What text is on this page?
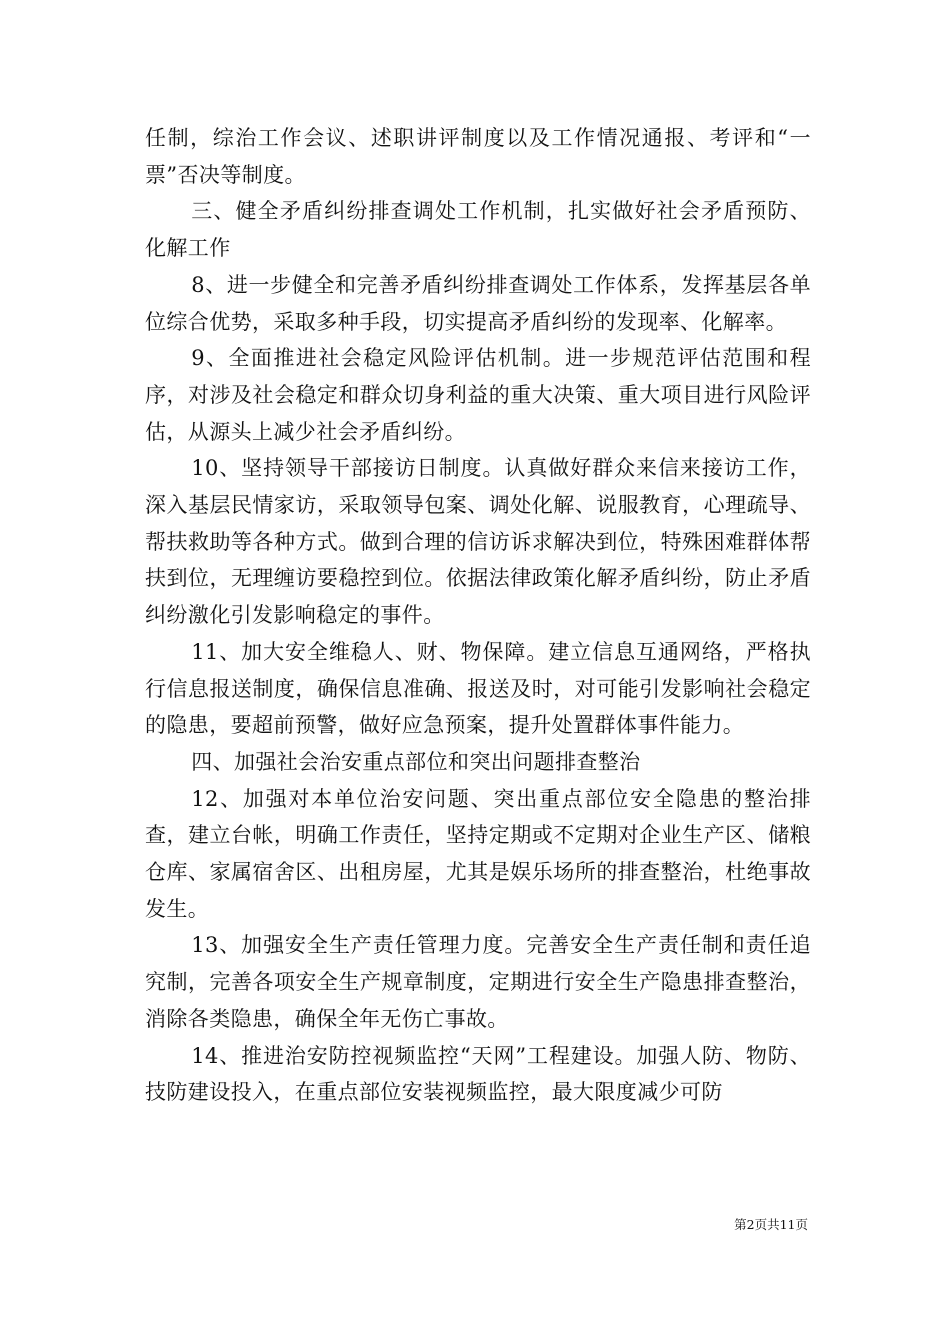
任制，综治工作会议、述职讲评制度以及工作情况通报、考评和“一票”否决等制度。

三、健全矛盾纠纷排查调处工作机制，扎实做好社会矛盾预防、化解工作

8、进一步健全和完善矛盾纠纷排查调处工作体系，发挥基层各单位综合优势，采取多种手段，切实提高矛盾纠纷的发现率、化解率。

9、全面推进社会稳定风险评估机制。进一步规范评估范围和程序，对涉及社会稳定和群众切身利益的重大决策、重大项目进行风险评估，从源头上减少社会矛盾纠纷。

10、坚持领导干部接访日制度。认真做好群众来信来接访工作，深入基层民情家访，采取领导包案、调处化解、说服教育，心理疏导、帮扶救助等各种方式。做到合理的信访诉求解决到位，特殊困难群体帮扶到位，无理缠访要稳控到位。依据法律政策化解矛盾纠纷，防止矛盾纠纷激化引发影响稳定的事件。

11、加大安全维稳人、财、物保障。建立信息互通网络，严格执行信息报送制度，确保信息准确、报送及时，对可能引发影响社会稳定的隐患，要超前预警，做好应急预案，提升处置群体事件能力。

四、加强社会治安重点部位和突出问题排查整治

12、加强对本单位治安问题、突出重点部位安全隐患的整治排查，建立台帐，明确工作责任，坚持定期或不定期对企业生产区、储粮仓库、家属宿舍区、出租房屋，尤其是娱乐场所的排查整治，杜绝事故发生。

13、加强安全生产责任管理力度。完善安全生产责任制和责任追究制，完善各项安全生产规章制度，定期进行安全生产隐患排查整治，消除各类隐患，确保全年无伤亡事故。

14、推进治安防控视频监控“天网”工程建设。加强人防、物防、技防建设投入，在重点部位安装视频监控，最大限度减少可防

第2页共11页
